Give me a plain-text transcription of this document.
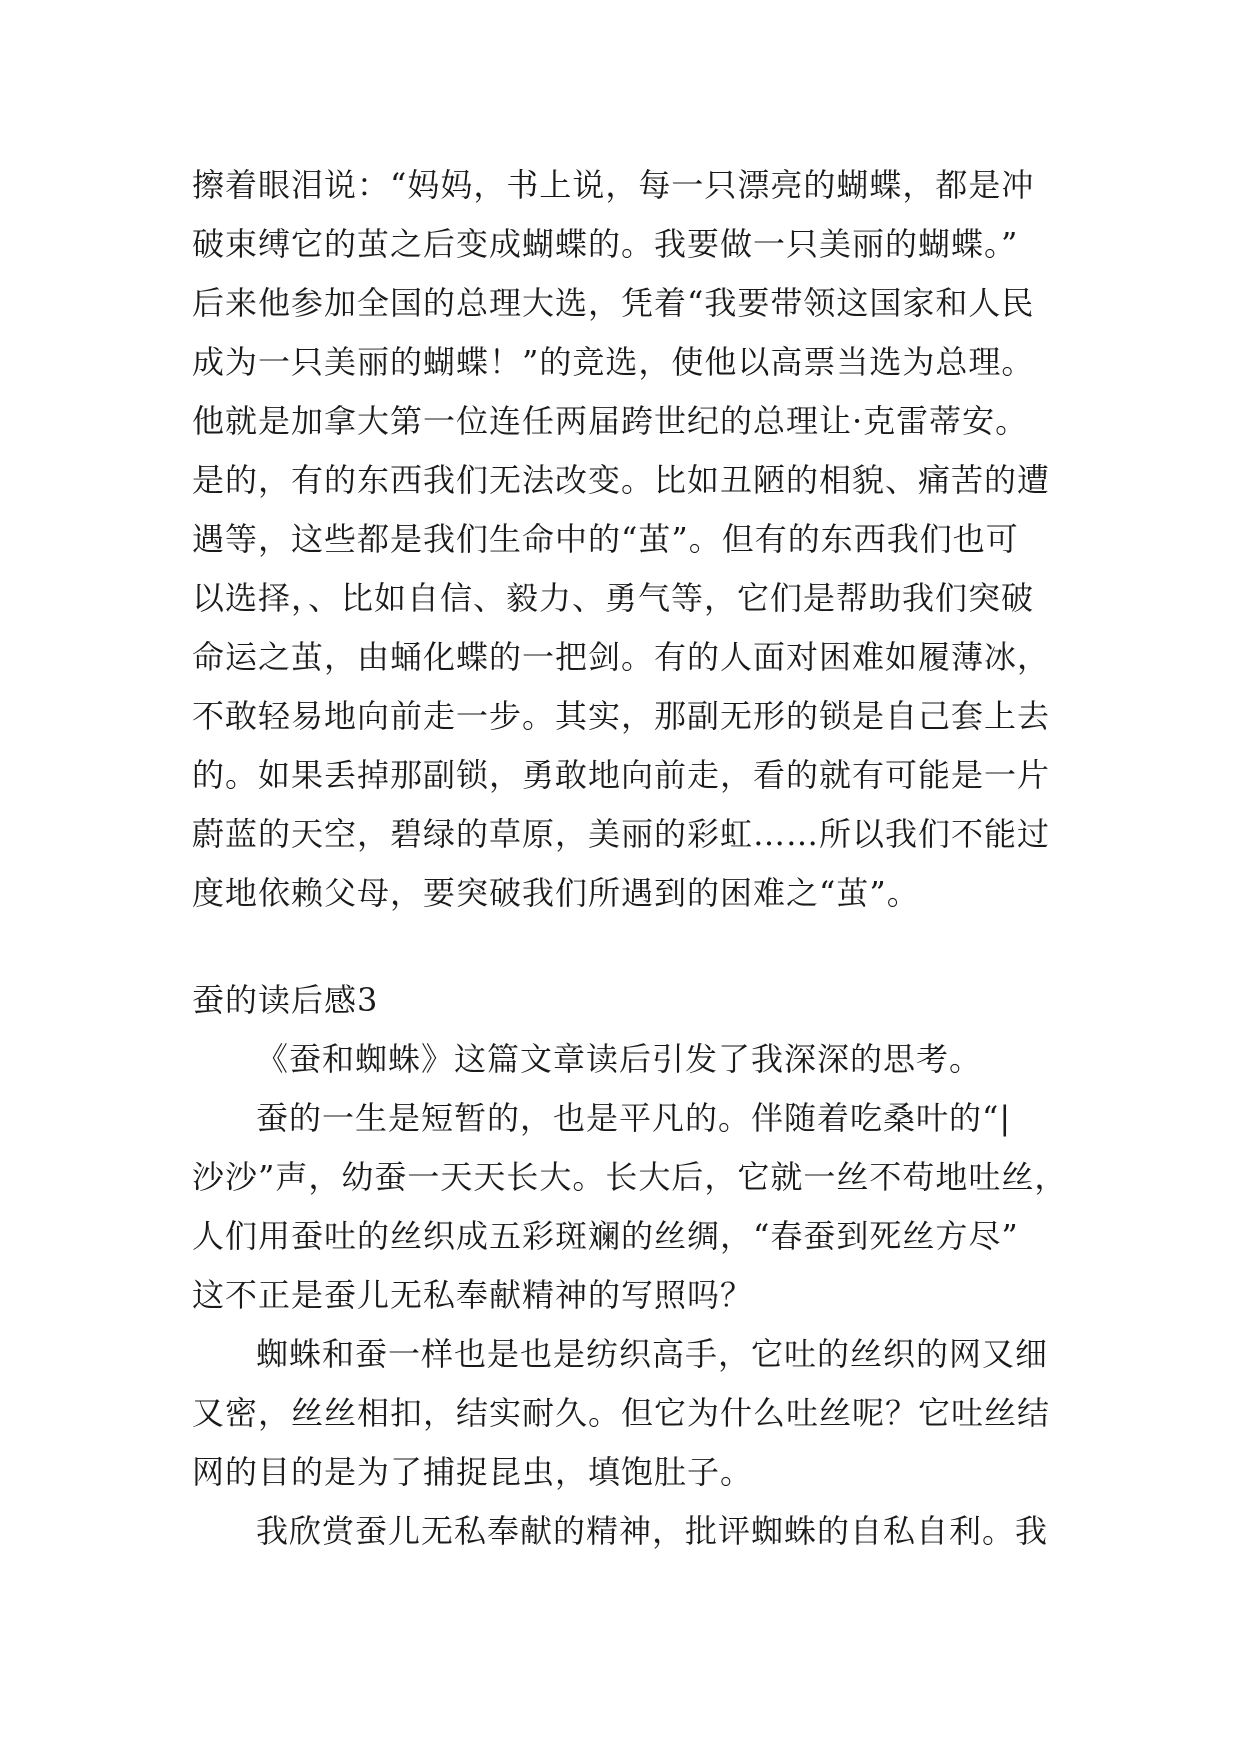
擦着眼泪说：“妈妈，书上说，每一只漂亮的蝴蝶，都是冲
破束缚它的茧之后变成蝴蝶的。我要做一只美丽的蝴蝶。”
后来他参加全国的总理大选，凭着“我要带领这国家和人民
成为一只美丽的蝴蝶！”的竞选，使他以高票当选为总理。
他就是加拿大第一位连任两届跨世纪的总理让·克雷蒂安。
是的，有的东西我们无法改变。比如丑陋的相貌、痛苦的遭
遇等，这些都是我们生命中的“茧”。但有的东西我们也可
以选择，、比如自信、毅力、勇气等，它们是帮助我们突破
命运之茧，由蛹化蝶的一把剑。有的人面对困难如履薄冰，
不敢轻易地向前走一步。其实，那副无形的锁是自己套上去
的。如果丢掉那副锁，勇敢地向前走，看的就有可能是一片
蔚蓝的天空，碧绿的草原，美丽的彩虹……所以我们不能过
度地依赖父母，要突破我们所遇到的困难之“茧”。
蚕的读后感3
《蚕和蜘蛛》这篇文章读后引发了我深深的思考。
蚕的一生是短暂的，也是平凡的。伴随着吃桑叶的“|
沙沙”声，幼蚕一天天长大。长大后，它就一丝不苟地吐丝，
人们用蚕吐的丝织成五彩斑斓的丝绸，“春蚕到死丝方尽”
这不正是蚕儿无私奉献精神的写照吗？
蜘蛛和蚕一样也是也是纺织高手，它吐的丝织的网又细
又密，丝丝相扣，结实耐久。但它为什么吐丝呢？它吐丝结
网的目的是为了捕捉昆虫，填饱肚子。
我欣赏蚕儿无私奉献的精神，批评蜘蛛的自私自利。我
